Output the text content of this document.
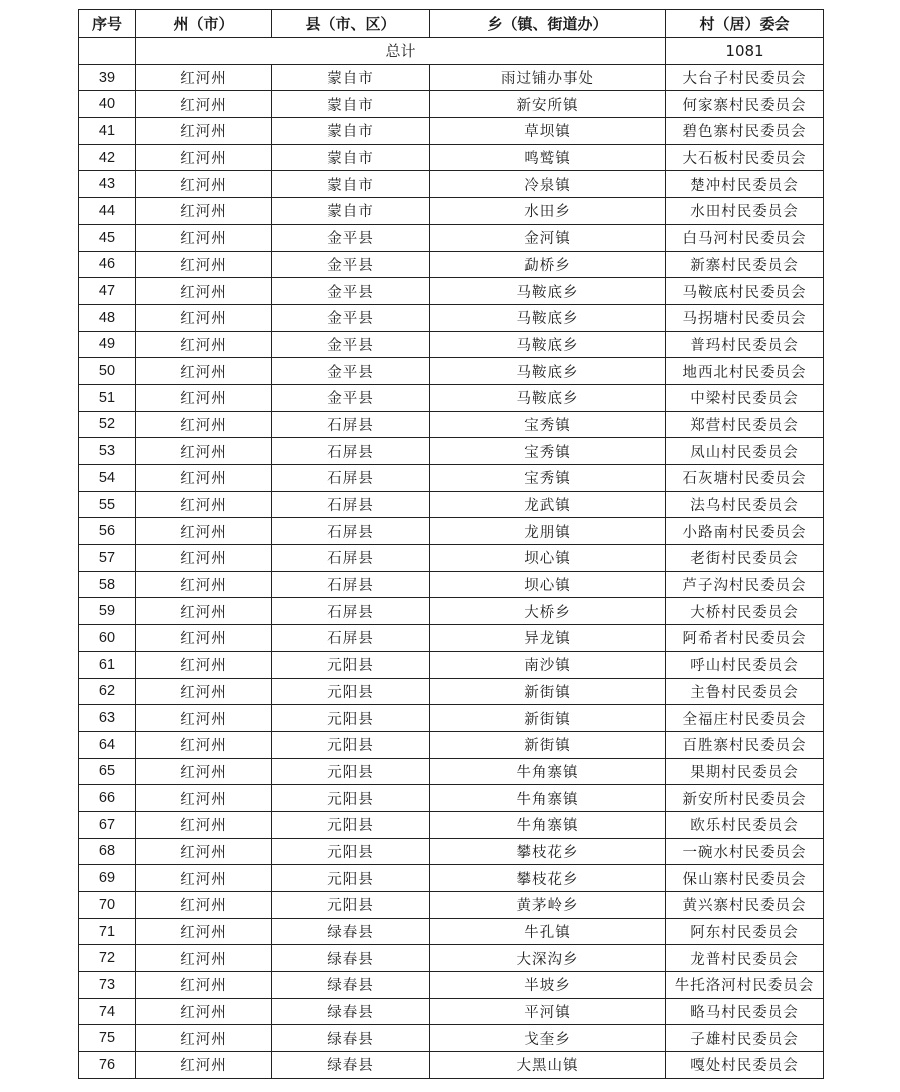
序号	州（市）	县（市、区）	乡（镇、街道办）	村（居）委会
	总计			1081
39	红河州	蒙自市	雨过铺办事处	大台子村民委员会
40	红河州	蒙自市	新安所镇	何家寨村民委员会
41	红河州	蒙自市	草坝镇	碧色寨村民委员会
42	红河州	蒙自市	鸣鹫镇	大石板村民委员会
43	红河州	蒙自市	冷泉镇	楚冲村民委员会
44	红河州	蒙自市	水田乡	水田村民委员会
45	红河州	金平县	金河镇	白马河村民委员会
46	红河州	金平县	勐桥乡	新寨村民委员会
47	红河州	金平县	马鞍底乡	马鞍底村民委员会
48	红河州	金平县	马鞍底乡	马拐塘村民委员会
49	红河州	金平县	马鞍底乡	普玛村民委员会
50	红河州	金平县	马鞍底乡	地西北村民委员会
51	红河州	金平县	马鞍底乡	中梁村民委员会
52	红河州	石屏县	宝秀镇	郑营村民委员会
53	红河州	石屏县	宝秀镇	凤山村民委员会
54	红河州	石屏县	宝秀镇	石灰塘村民委员会
55	红河州	石屏县	龙武镇	法乌村民委员会
56	红河州	石屏县	龙朋镇	小路南村民委员会
57	红河州	石屏县	坝心镇	老街村民委员会
58	红河州	石屏县	坝心镇	芦子沟村民委员会
59	红河州	石屏县	大桥乡	大桥村民委员会
60	红河州	石屏县	异龙镇	阿希者村民委员会
61	红河州	元阳县	南沙镇	呼山村民委员会
62	红河州	元阳县	新街镇	主鲁村民委员会
63	红河州	元阳县	新街镇	全福庄村民委员会
64	红河州	元阳县	新街镇	百胜寨村民委员会
65	红河州	元阳县	牛角寨镇	果期村民委员会
66	红河州	元阳县	牛角寨镇	新安所村民委员会
67	红河州	元阳县	牛角寨镇	欧乐村民委员会
68	红河州	元阳县	攀枝花乡	一碗水村民委员会
69	红河州	元阳县	攀枝花乡	保山寨村民委员会
70	红河州	元阳县	黄茅岭乡	黄兴寨村民委员会
71	红河州	绿春县	牛孔镇	阿东村民委员会
72	红河州	绿春县	大深沟乡	龙普村民委员会
73	红河州	绿春县	半坡乡	牛托洛河村民委员会
74	红河州	绿春县	平河镇	略马村民委员会
75	红河州	绿春县	戈奎乡	子雄村民委员会
76	红河州	绿春县	大黑山镇	嘎处村民委员会
